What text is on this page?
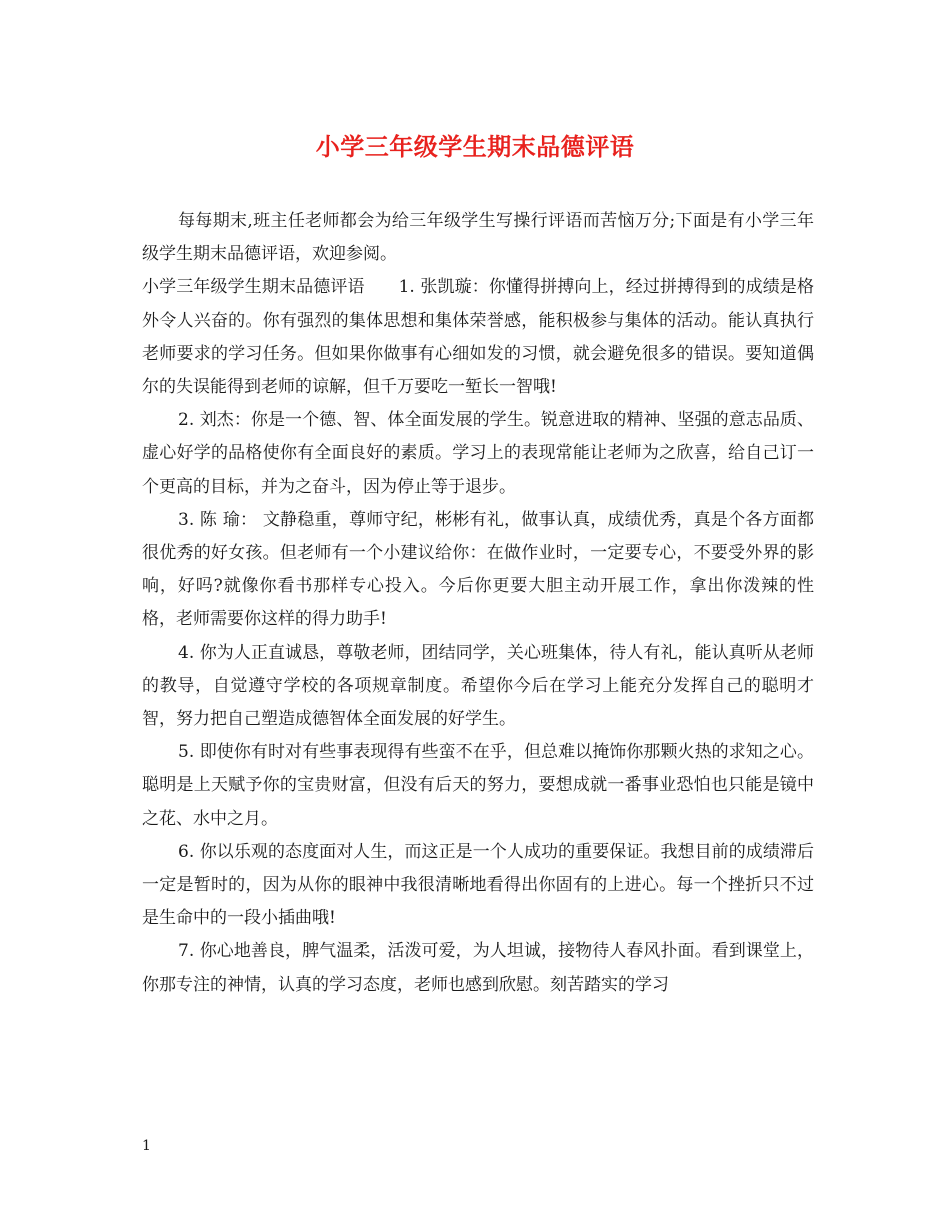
小学三年级学生期末品德评语

每每期末,班主任老师都会为给三年级学生写操行评语而苦恼万分;下面是有小学三年级学生期末品德评语，欢迎参阅。

小学三年级学生期末品德评语 1. 张凯璇：你懂得拼搏向上，经过拼搏得到的成绩是格外令人兴奋的。你有强烈的集体思想和集体荣誉感，能积极参与集体的活动。能认真执行老师要求的学习任务。但如果你做事有心细如发的习惯，就会避免很多的错误。要知道偶尔的失误能得到老师的谅解，但千万要吃一堑长一智哦!

2. 刘杰：你是一个德、智、体全面发展的学生。锐意进取的精神、坚强的意志品质、虚心好学的品格使你有全面良好的素质。学习上的表现常能让老师为之欣喜，给自己订一个更高的目标，并为之奋斗，因为停止等于退步。

3. 陈 瑜： 文静稳重，尊师守纪，彬彬有礼，做事认真，成绩优秀，真是个各方面都很优秀的好女孩。但老师有一个小建议给你：在做作业时，一定要专心，不要受外界的影响，好吗?就像你看书那样专心投入。今后你更要大胆主动开展工作，拿出你泼辣的性格，老师需要你这样的得力助手!

4. 你为人正直诚恳，尊敬老师，团结同学，关心班集体，待人有礼，能认真听从老师的教导，自觉遵守学校的各项规章制度。希望你今后在学习上能充分发挥自己的聪明才智，努力把自己塑造成德智体全面发展的好学生。

5. 即使你有时对有些事表现得有些蛮不在乎，但总难以掩饰你那颗火热的求知之心。聪明是上天赋予你的宝贵财富，但没有后天的努力，要想成就一番事业恐怕也只能是镜中之花、水中之月。

6. 你以乐观的态度面对人生，而这正是一个人成功的重要保证。我想目前的成绩滞后一定是暂时的，因为从你的眼神中我很清晰地看得出你固有的上进心。每一个挫折只不过是生命中的一段小插曲哦!

7. 你心地善良，脾气温柔，活泼可爱，为人坦诚，接物待人春风扑面。看到课堂上，你那专注的神情，认真的学习态度，老师也感到欣慰。刻苦踏实的学习

1
